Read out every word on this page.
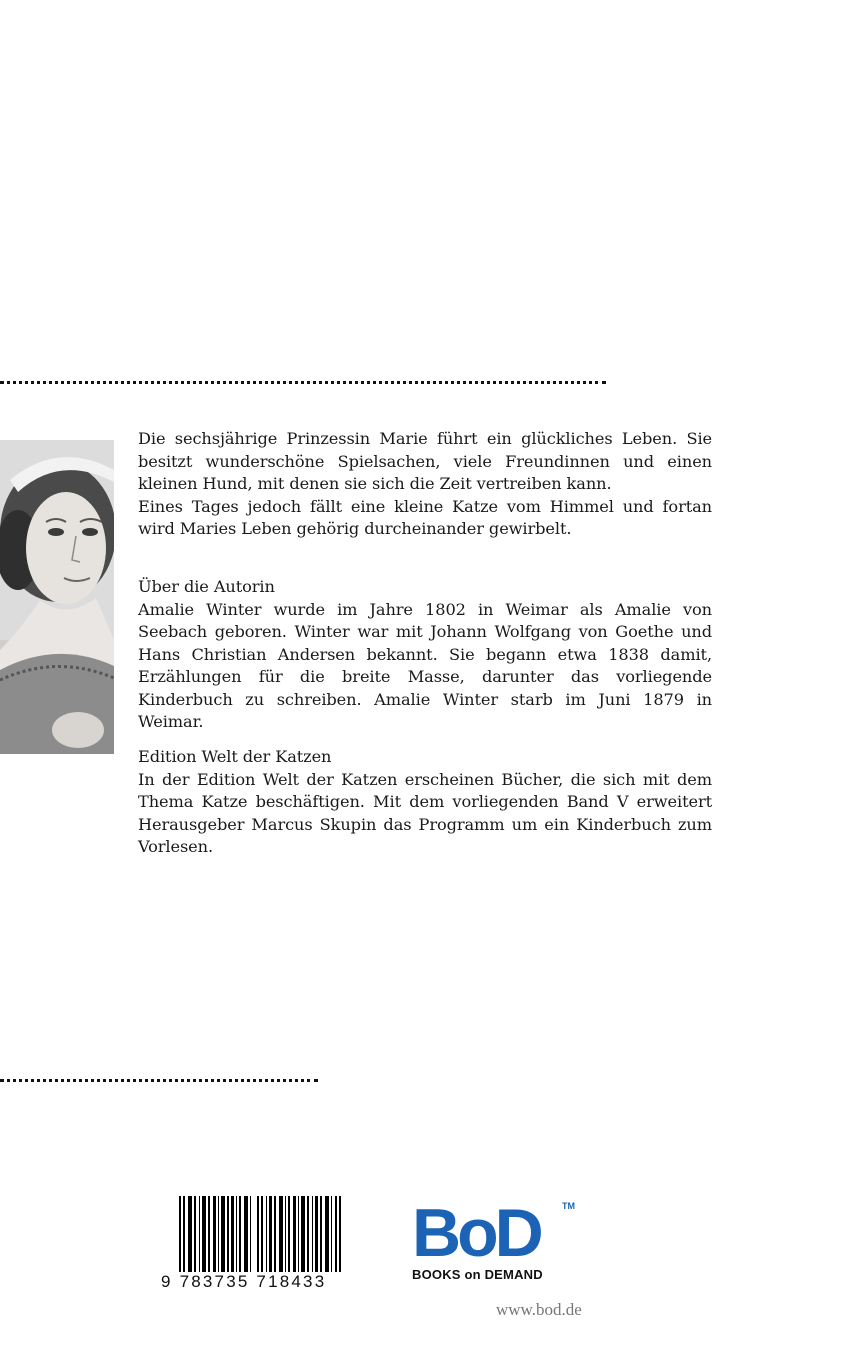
Die sechsjährige Prinzessin Marie führt ein glückliches Leben. Sie besitzt wunderschöne Spielsachen, viele Freundinnen und einen kleinen Hund, mit denen sie sich die Zeit vertreiben kann.

Eines Tages jedoch fällt eine kleine Katze vom Himmel und fortan wird Maries Leben gehörig durcheinander gewirbelt.

Über die Autorin

Amalie Winter wurde im Jahre 1802 in Weimar als Amalie von Seebach geboren. Winter war mit Johann Wolfgang von Goethe und Hans Christian Andersen bekannt. Sie begann etwa 1838 damit, Erzählungen für die breite Masse, darunter das vorliegende Kinderbuch zu schreiben. Amalie Winter starb im Juni 1879 in Weimar.

Edition Welt der Katzen

In der Edition Welt der Katzen erscheinen Bücher, die sich mit dem Thema Katze beschäftigen. Mit dem vorliegenden Band V erweitert Herausgeber Marcus Skupin das Programm um ein Kinderbuch zum Vorlesen.

9 783735 718433
BoD TM
BOOKS on DEMAND
www.bod.de
